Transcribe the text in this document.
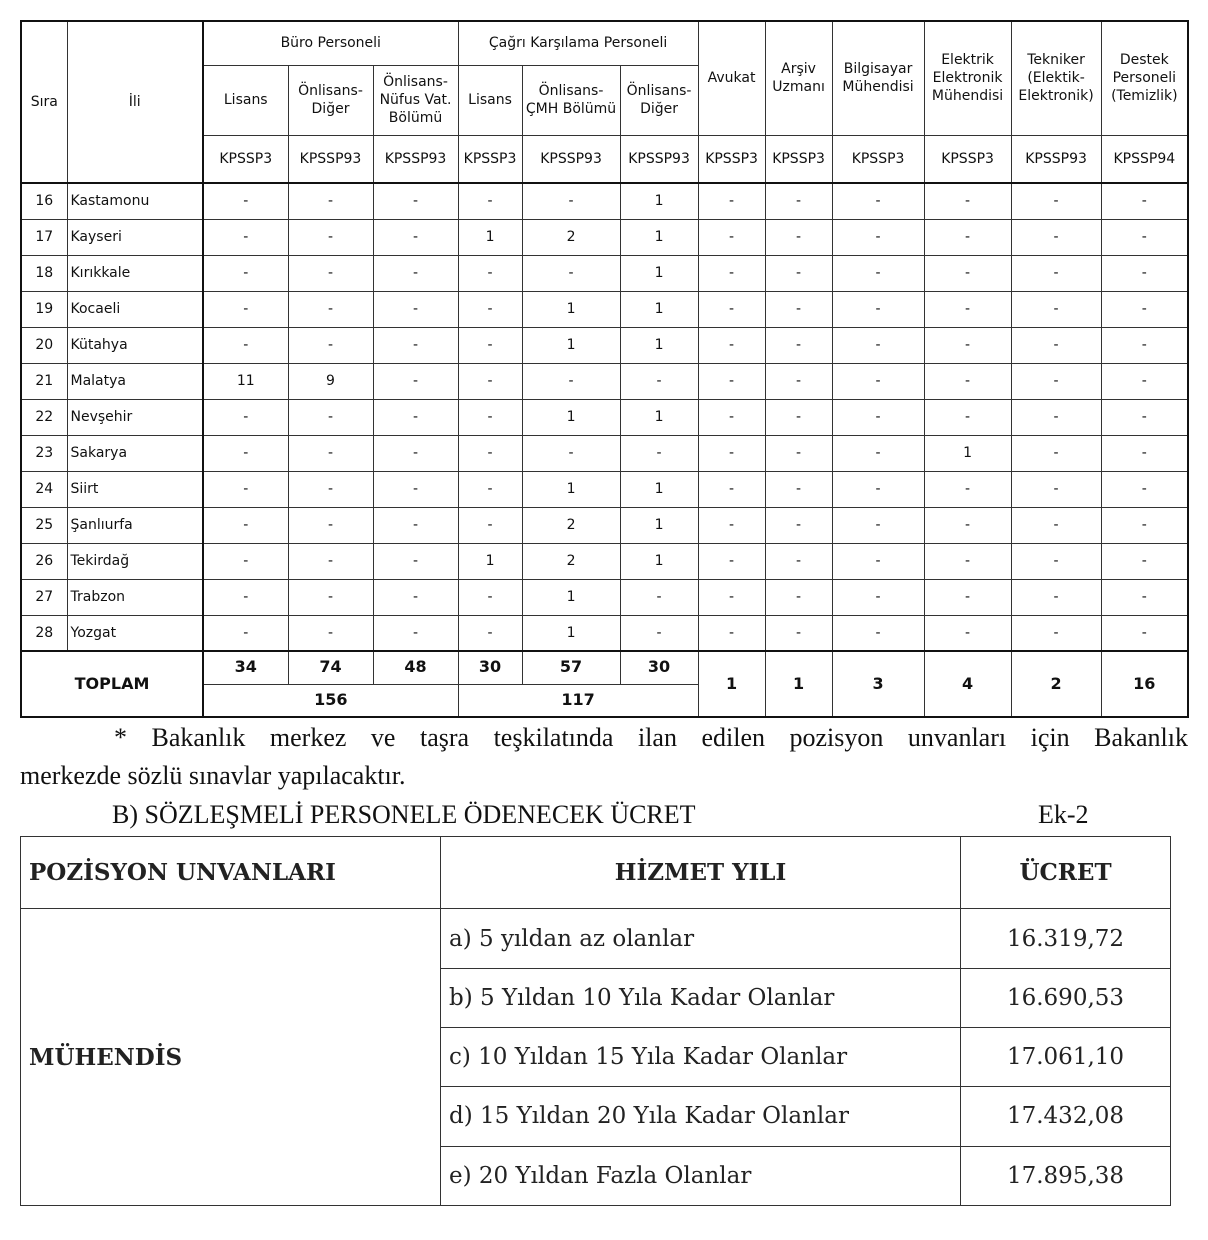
Sıra	İli	Büro Personeli			Çağrı Karşılama Personeli			Avukat	Arşiv Uzmanı	Bilgisayar Mühendisi	Elektrik Elektronik Mühendisi	Tekniker (Elektik-Elektronik)	Destek Personeli (Temizlik)
		Lisans	Önlisans-Diğer	Önlisans-Nüfus Vat. Bölümü	Lisans	Önlisans-ÇMH Bölümü	Önlisans-Diğer						
		KPSSP3	KPSSP93	KPSSP93	KPSSP3	KPSSP93	KPSSP93	KPSSP3	KPSSP3	KPSSP3	KPSSP3	KPSSP93	KPSSP94
16	Kastamonu	-	-	-	-	-	1	-	-	-	-	-	-
17	Kayseri	-	-	-	1	2	1	-	-	-	-	-	-
18	Kırıkkale	-	-	-	-	-	1	-	-	-	-	-	-
19	Kocaeli	-	-	-	-	1	1	-	-	-	-	-	-
20	Kütahya	-	-	-	-	1	1	-	-	-	-	-	-
21	Malatya	11	9	-	-	-	-	-	-	-	-	-	-
22	Nevşehir	-	-	-	-	1	1	-	-	-	-	-	-
23	Sakarya	-	-	-	-	-	-	-	-	-	1	-	-
24	Siirt	-	-	-	-	1	1	-	-	-	-	-	-
25	Şanlıurfa	-	-	-	-	2	1	-	-	-	-	-	-
26	Tekirdağ	-	-	-	1	2	1	-	-	-	-	-	-
27	Trabzon	-	-	-	-	1	-	-	-	-	-	-	-
28	Yozgat	-	-	-	-	1	-	-	-	-	-	-	-
TOPLAM		34	74	48	30	57	30	1	1	3	4	2	16
		156			117								
* Bakanlık merkez ve taşra teşkilatında ilan edilen pozisyon unvanları için Bakanlık
merkezde sözlü sınavlar yapılacaktır.
B) SÖZLEŞMELİ PERSONELE ÖDENECEK ÜCRET	Ek-2
POZİSYON UNVANLARI	HİZMET YILI	ÜCRET
MÜHENDİS	a) 5 yıldan az olanlar	16.319,72
	b) 5 Yıldan 10 Yıla Kadar Olanlar	16.690,53
	c) 10 Yıldan 15 Yıla Kadar Olanlar	17.061,10
	d) 15 Yıldan 20 Yıla Kadar Olanlar	17.432,08
	e) 20 Yıldan Fazla Olanlar	17.895,38
